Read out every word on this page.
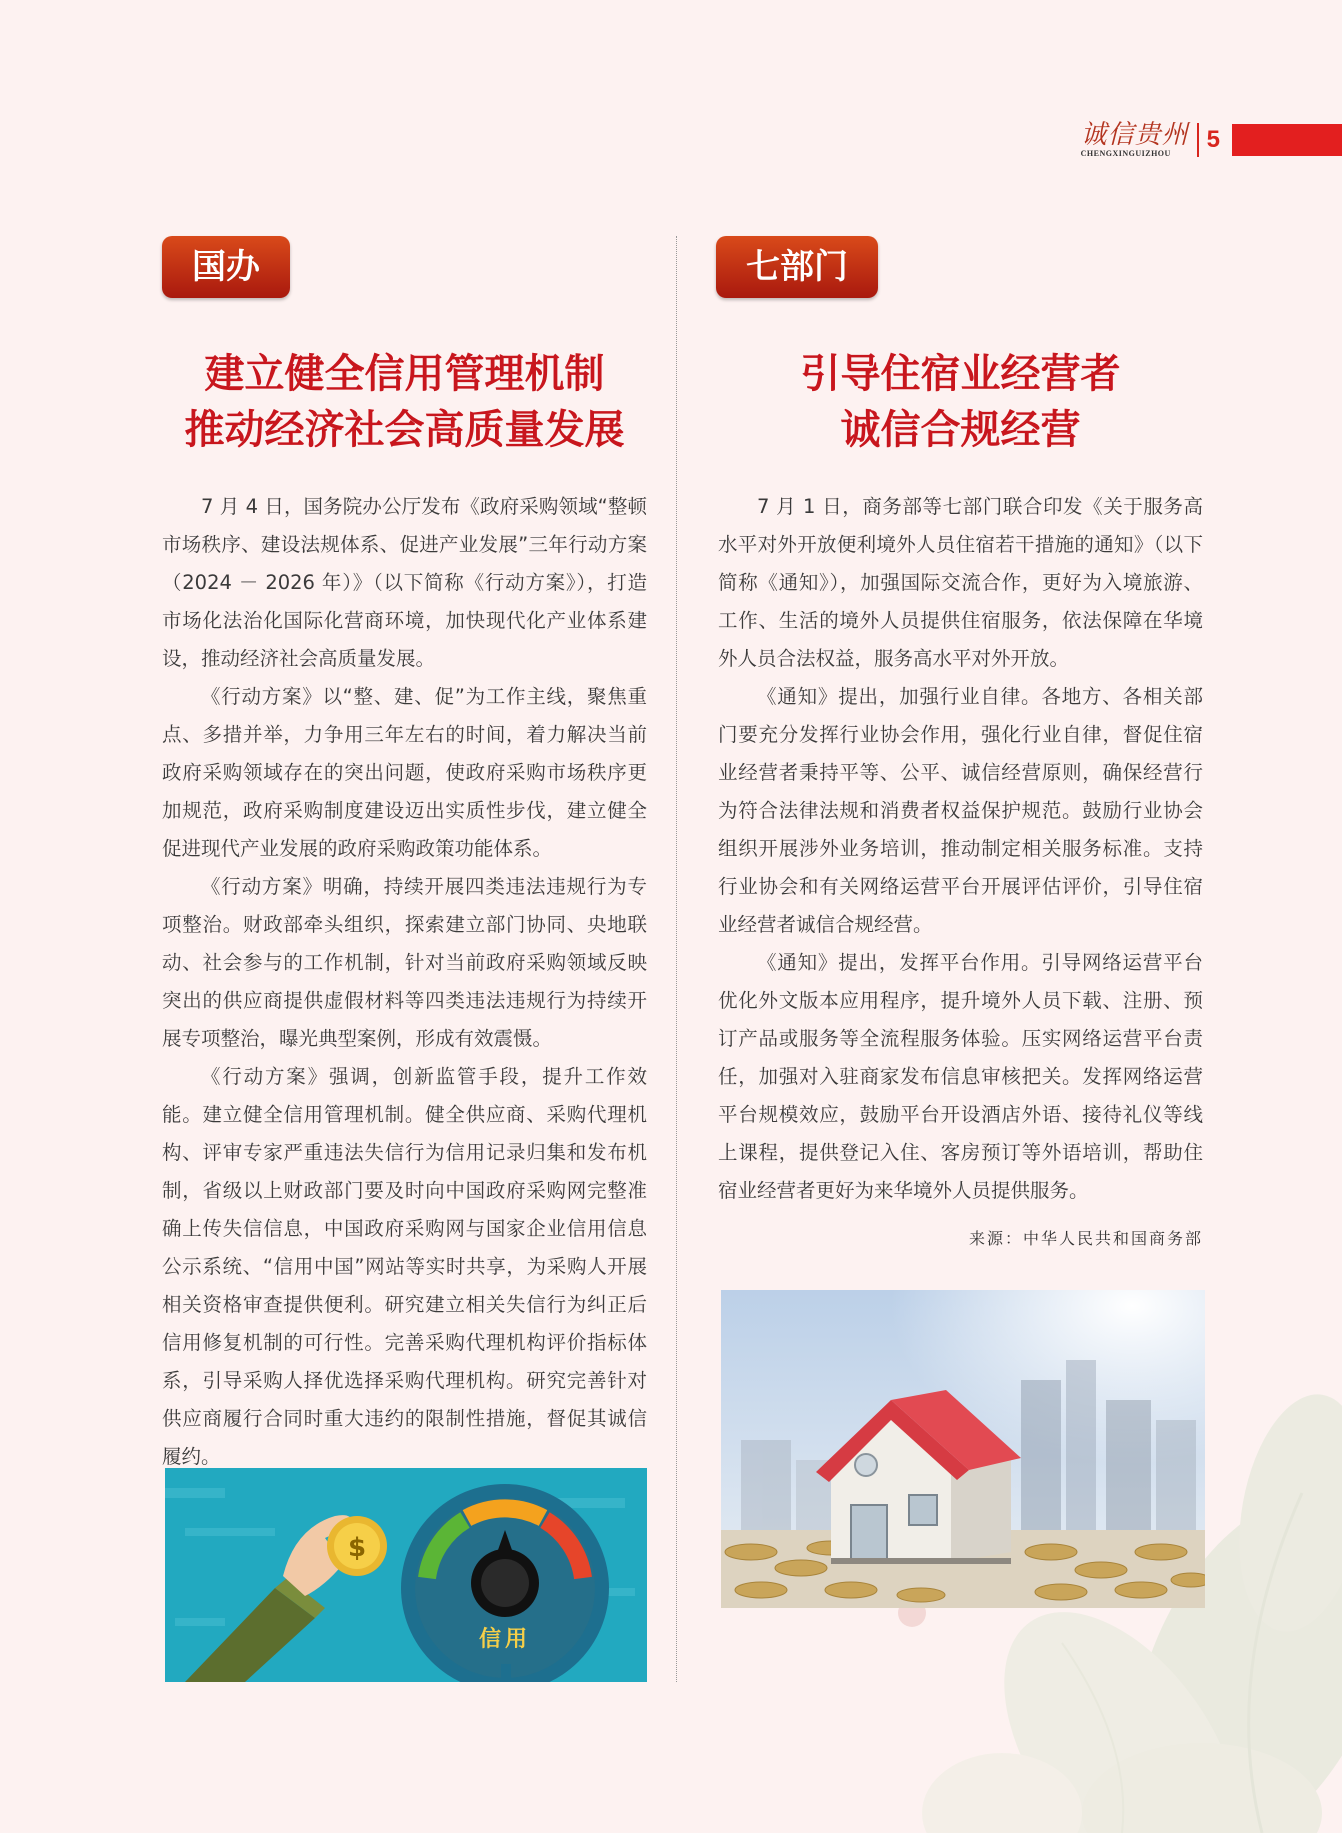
诚信贵州
CHENGXINGUIZHOU
5
国办
建立健全信用管理机制
推动经济社会高质量发展

7 月 4 日，国务院办公厅发布《政府采购领域“整顿市场秩序、建设法规体系、促进产业发展”三年行动方案（2024 － 2026 年）》（以下简称《行动方案》），打造市场化法治化国际化营商环境，加快现代化产业体系建设，推动经济社会高质量发展。

《行动方案》以“整、建、促”为工作主线，聚焦重点、多措并举，力争用三年左右的时间，着力解决当前政府采购领域存在的突出问题，使政府采购市场秩序更加规范，政府采购制度建设迈出实质性步伐，建立健全促进现代产业发展的政府采购政策功能体系。

《行动方案》明确，持续开展四类违法违规行为专项整治。财政部牵头组织，探索建立部门协同、央地联动、社会参与的工作机制，针对当前政府采购领域反映突出的供应商提供虚假材料等四类违法违规行为持续开展专项整治，曝光典型案例，形成有效震慑。

《行动方案》强调，创新监管手段，提升工作效能。建立健全信用管理机制。健全供应商、采购代理机构、评审专家严重违法失信行为信用记录归集和发布机制，省级以上财政部门要及时向中国政府采购网完整准确上传失信信息，中国政府采购网与国家企业信用信息公示系统、“信用中国”网站等实时共享，为采购人开展相关资格审查提供便利。研究建立相关失信行为纠正后信用修复机制的可行性。完善采购代理机构评价指标体系，引导采购人择优选择采购代理机构。研究完善针对供应商履行合同时重大违约的限制性措施，督促其诚信履约。

七部门
引导住宿业经营者
诚信合规经营

7 月 1 日，商务部等七部门联合印发《关于服务高水平对外开放便利境外人员住宿若干措施的通知》（以下简称《通知》），加强国际交流合作，更好为入境旅游、工作、生活的境外人员提供住宿服务，依法保障在华境外人员合法权益，服务高水平对外开放。

《通知》提出，加强行业自律。各地方、各相关部门要充分发挥行业协会作用，强化行业自律，督促住宿业经营者秉持平等、公平、诚信经营原则，确保经营行为符合法律法规和消费者权益保护规范。鼓励行业协会组织开展涉外业务培训，推动制定相关服务标准。支持行业协会和有关网络运营平台开展评估评价，引导住宿业经营者诚信合规经营。

《通知》提出，发挥平台作用。引导网络运营平台优化外文版本应用程序，提升境外人员下载、注册、预订产品或服务等全流程服务体验。压实网络运营平台责任，加强对入驻商家发布信息审核把关。发挥网络运营平台规模效应，鼓励平台开设酒店外语、接待礼仪等线上课程，提供登记入住、客房预订等外语培训，帮助住宿业经营者更好为来华境外人员提供服务。

来源：中华人民共和国商务部
$
信用
